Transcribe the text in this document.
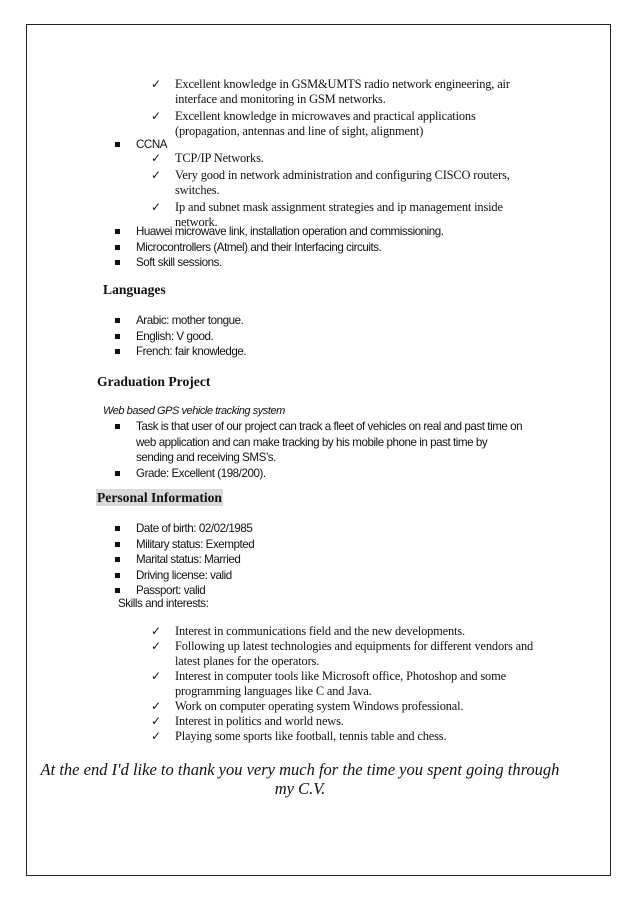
✓ Excellent knowledge in GSM&UMTS radio network engineering, air interface and monitoring in GSM networks.
✓ Excellent knowledge in microwaves and practical applications (propagation, antennas and line of sight, alignment)
CCNA
✓ TCP/IP Networks.
✓ Very good in network administration and configuring CISCO routers, switches.
✓ Ip and subnet mask assignment strategies and ip management inside network.
Huawei microwave link, installation operation and commissioning.
Microcontrollers (Atmel) and their Interfacing circuits.
Soft skill sessions.
Languages
Arabic: mother tongue.
English: V good.
French: fair knowledge.
Graduation Project
Web based GPS vehicle tracking system
Task is that user of our project can track a fleet of vehicles on real and past time on web application and can make tracking by his mobile phone in past time by sending and receiving SMS’s.
Grade: Excellent (198/200).
Personal Information
Date of birth: 02/02/1985
Military status: Exempted
Marital status: Married
Driving license: valid
Passport: valid
Skills and interests:
✓ Interest in communications field and the new developments.
✓ Following up latest technologies and equipments for different vendors and latest planes for the operators.
✓ Interest in computer tools like Microsoft office, Photoshop and some programming languages like C and Java.
✓ Work on computer operating system Windows professional.
✓ Interest in politics and world news.
✓ Playing some sports like football, tennis table and chess.
At the end I'd like to thank you very much for the time you spent going through my C.V.
